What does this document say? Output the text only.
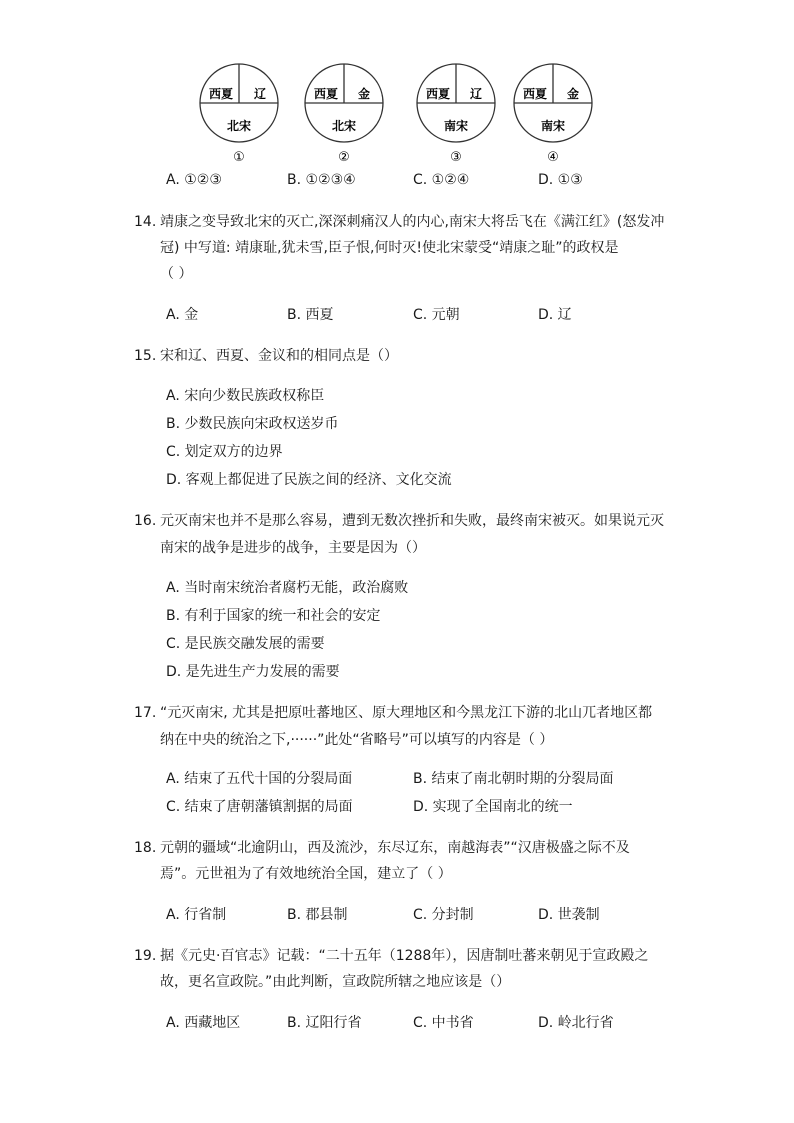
西夏 辽
北宋
①
西夏 金
北宋
②
西夏 辽
南宋
③
西夏 金
南宋
④
A. ①②③	B. ①②③④	C. ①②④	D. ①③
14. 靖康之变导致北宋的灭亡,深深刺痛汉人的内心,南宋大将岳飞在《满江红》(怒发冲
冠) 中写道: 靖康耻,犹未雪,臣子恨,何时灭!使北宋蒙受“靖康之耻”的政权是
（ ）
A. 金	B. 西夏	C. 元朝	D. 辽
15. 宋和辽、西夏、金议和的相同点是（）
A. 宋向少数民族政权称臣
B. 少数民族向宋政权送岁币
C. 划定双方的边界
D. 客观上都促进了民族之间的经济、文化交流
16. 元灭南宋也并不是那么容易，遭到无数次挫折和失败，最终南宋被灭。如果说元灭
南宋的战争是进步的战争，主要是因为（）
A. 当时南宋统治者腐朽无能，政治腐败
B. 有利于国家的统一和社会的安定
C. 是民族交融发展的需要
D. 是先进生产力发展的需要
17. “元灭南宋, 尤其是把原吐蕃地区、原大理地区和今黑龙江下游的北山兀者地区都
纳在中央的统治之下,······”此处“省略号”可以填写的内容是（ ）
A. 结束了五代十国的分裂局面	B. 结束了南北朝时期的分裂局面
C. 结束了唐朝藩镇割据的局面	D. 实现了全国南北的统一
18. 元朝的疆域“北逾阴山，西及流沙，东尽辽东，南越海表”“汉唐极盛之际不及
焉”。元世祖为了有效地统治全国，建立了（ ）
A. 行省制	B. 郡县制	C. 分封制	D. 世袭制
19. 据《元史·百官志》记载：“二十五年（1288年），因唐制吐蕃来朝见于宣政殿之
故，更名宣政院。”由此判断，宣政院所辖之地应该是（）
A. 西藏地区	B. 辽阳行省	C. 中书省	D. 岭北行省
